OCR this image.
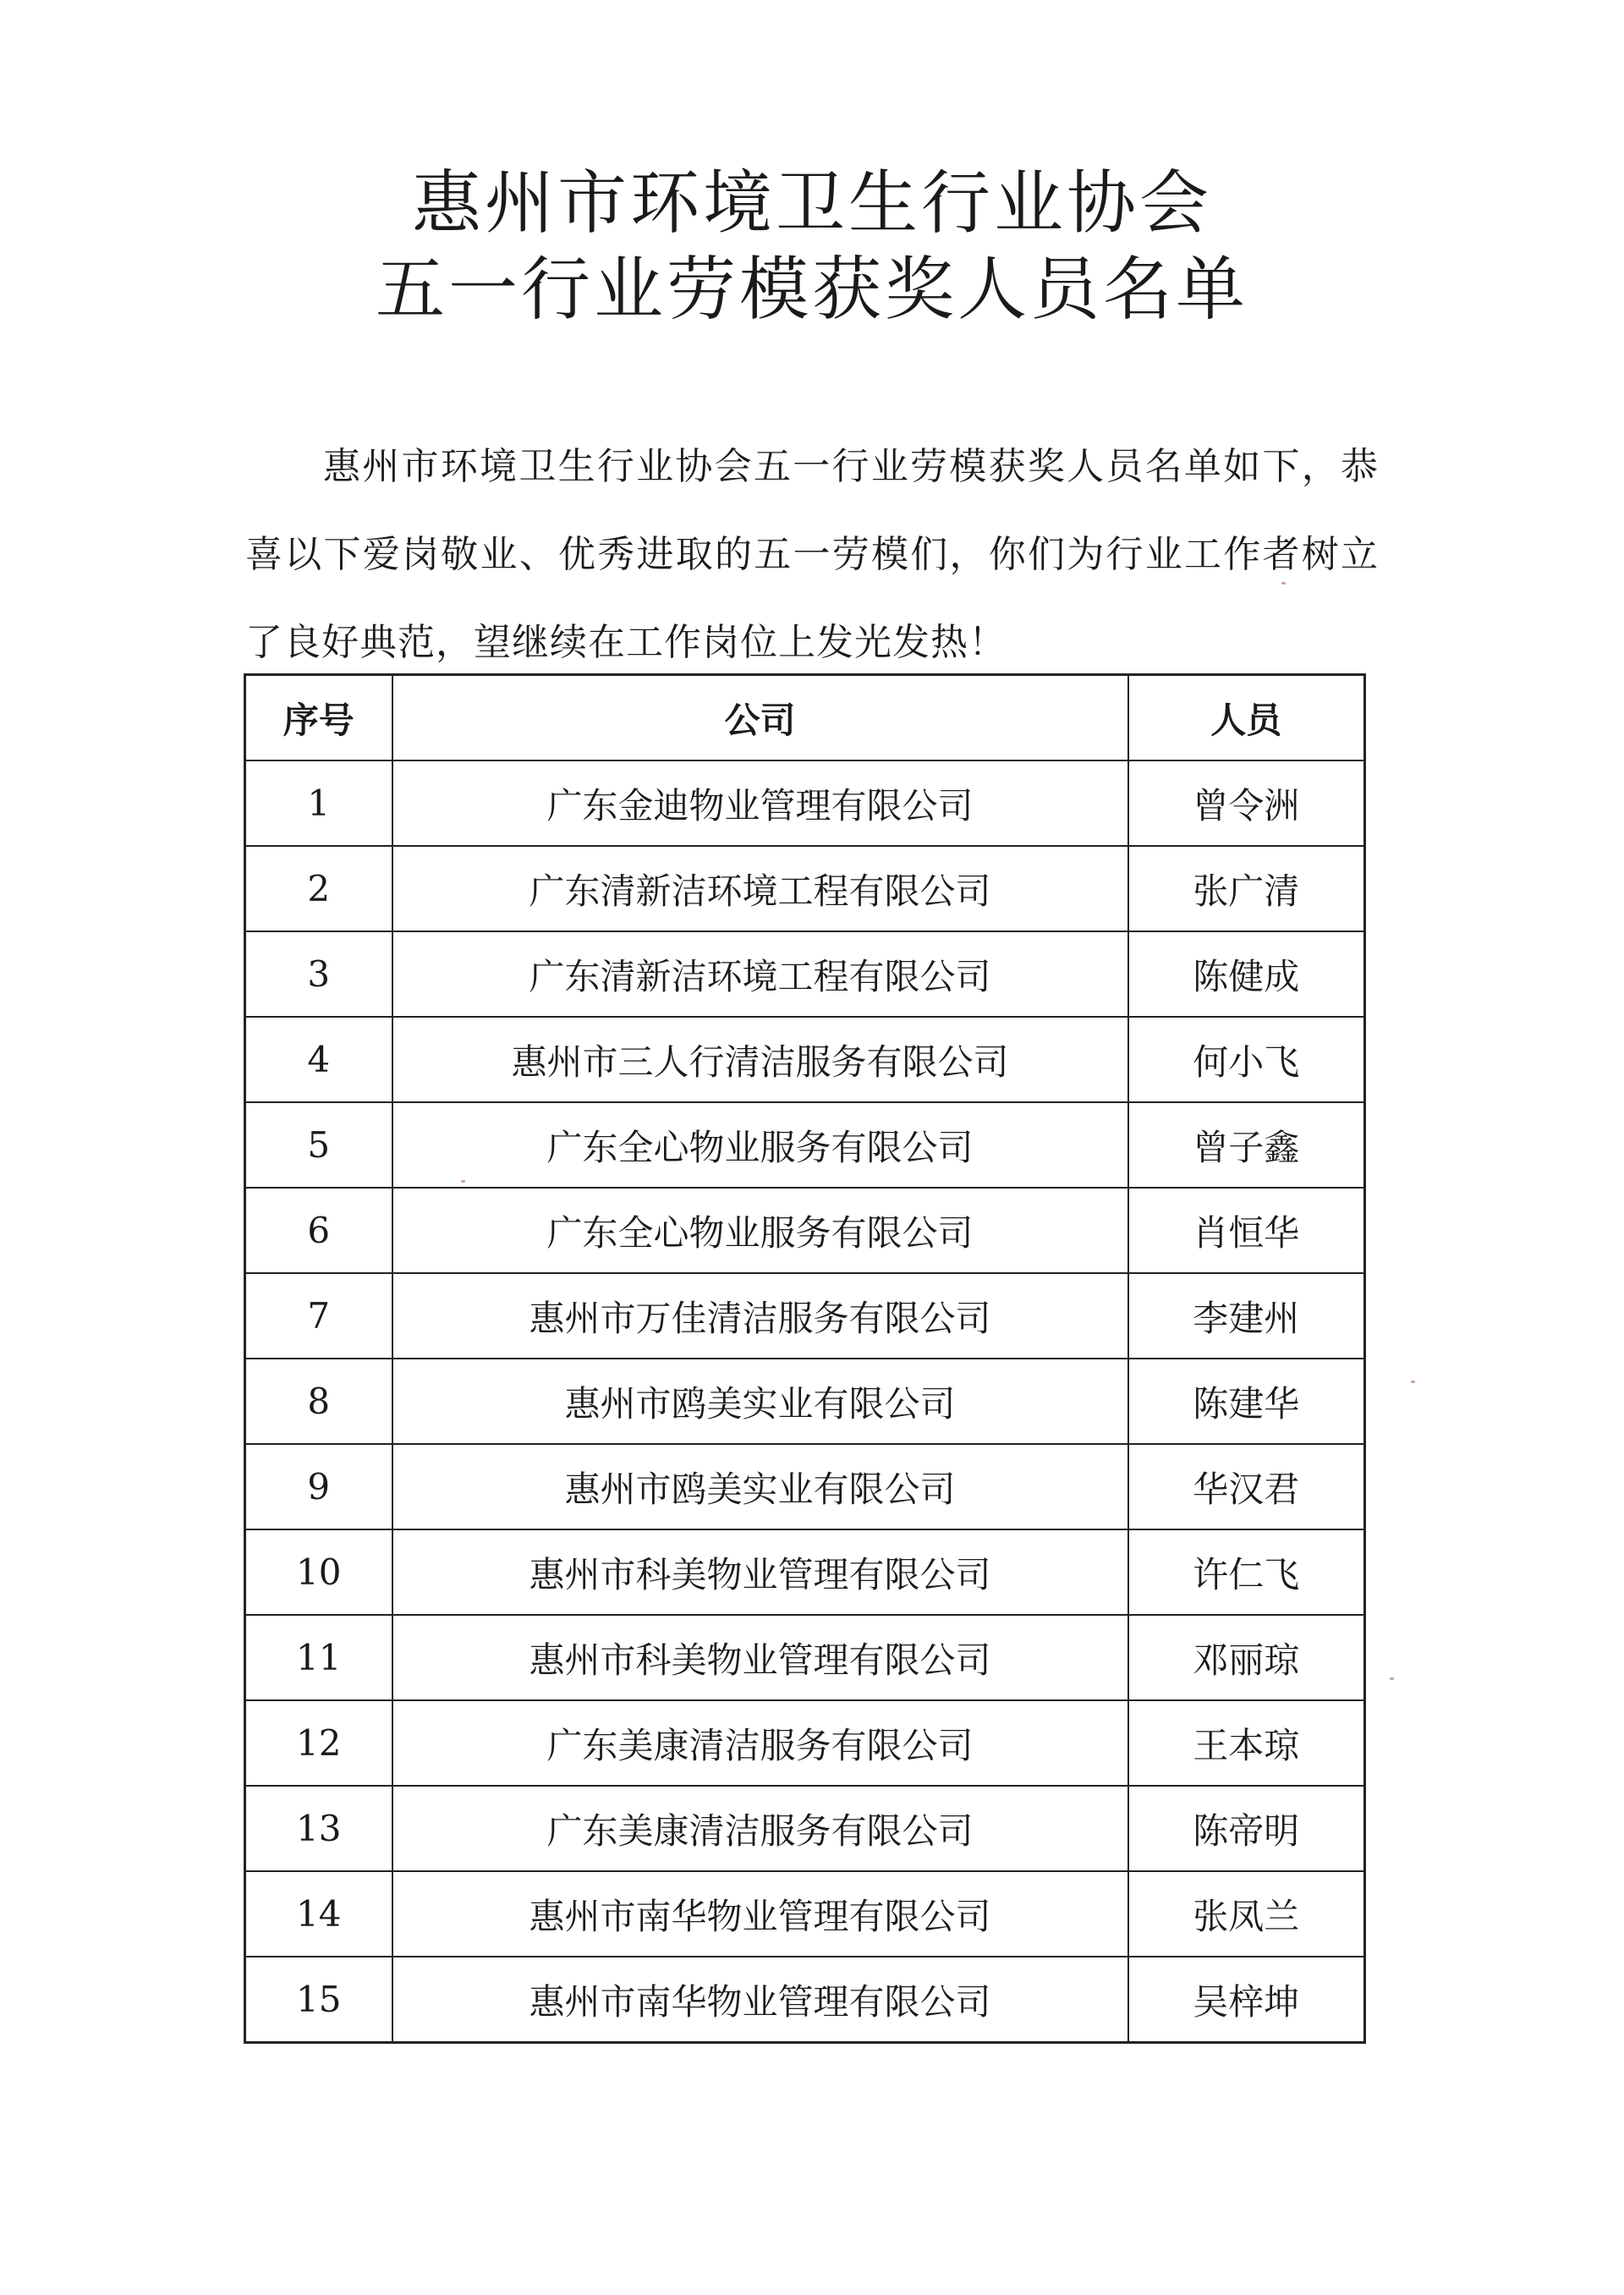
惠州市环境卫生行业协会
五一行业劳模获奖人员名单

惠州市环境卫生行业协会五一行业劳模获奖人员名单如下，恭喜以下爱岗敬业、优秀进取的五一劳模们，你们为行业工作者树立了良好典范，望继续在工作岗位上发光发热！

序号	公司	人员
1	广东金迪物业管理有限公司	曾令洲
2	广东清新洁环境工程有限公司	张广清
3	广东清新洁环境工程有限公司	陈健成
4	惠州市三人行清洁服务有限公司	何小飞
5	广东全心物业服务有限公司	曾子鑫
6	广东全心物业服务有限公司	肖恒华
7	惠州市万佳清洁服务有限公司	李建州
8	惠州市鸥美实业有限公司	陈建华
9	惠州市鸥美实业有限公司	华汉君
10	惠州市科美物业管理有限公司	许仁飞
11	惠州市科美物业管理有限公司	邓丽琼
12	广东美康清洁服务有限公司	王本琼
13	广东美康清洁服务有限公司	陈帝明
14	惠州市南华物业管理有限公司	张凤兰
15	惠州市南华物业管理有限公司	吴梓坤
